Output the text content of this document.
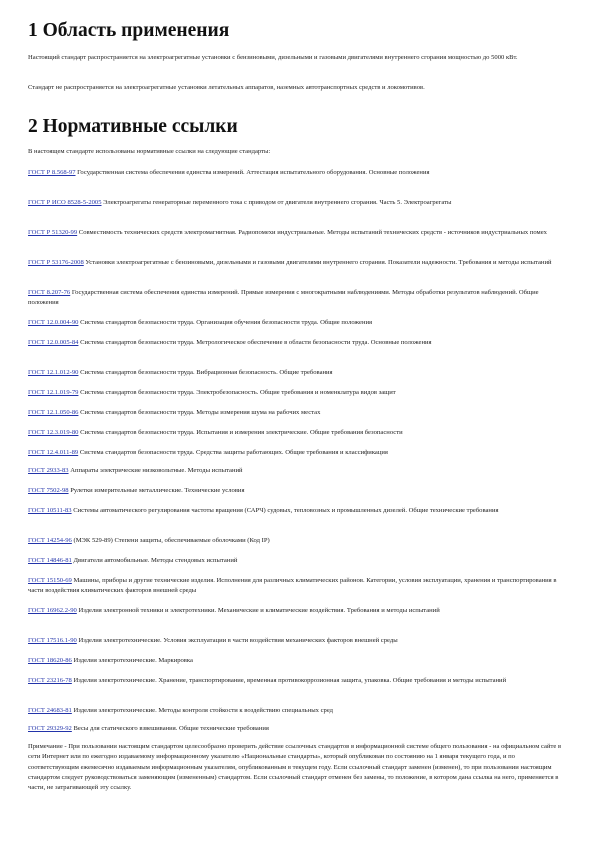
1 Область применения

Настоящий стандарт распространяется на электроагрегатные установки с бензиновыми, дизельными и газовыми двигателями внутреннего сгорания мощностью до 5000 кВт.

Стандарт не распространяется на электроагрегатные установки летательных аппаратов, наземных автотранспортных средств и локомотивов.

2 Нормативные ссылки

В настоящем стандарте использованы нормативные ссылки на следующие стандарты:

ГОСТ Р 8.568-97 Государственная система обеспечения единства измерений. Аттестация испытательного оборудования. Основные положения

ГОСТ Р ИСО 8528-5-2005 Электроагрегаты генераторные переменного тока с приводом от двигателя внутреннего сгорания. Часть 5. Электроагрегаты

ГОСТ Р 51320-99 Совместимость технических средств электромагнитная. Радиопомехи индустриальные. Методы испытаний технических средств - источников индустриальных помех

ГОСТ Р 53176-2008 Установки электроагрегатные с бензиновыми, дизельными и газовыми двигателями внутреннего сгорания. Показатели надежности. Требования и методы испытаний

ГОСТ 8.207-76 Государственная система обеспечения единства измерений. Прямые измерения с многократными наблюдениями. Методы обработки результатов наблюдений. Общие положения

ГОСТ 12.0.004-90 Система стандартов безопасности труда. Организация обучения безопасности труда. Общие положения

ГОСТ 12.0.005-84 Система стандартов безопасности труда. Метрологическое обеспечение в области безопасности труда. Основные положения

ГОСТ 12.1.012-90 Система стандартов безопасности труда. Вибрационная безопасность. Общие требования

ГОСТ 12.1.019-79 Система стандартов безопасности труда. Электробезопасность. Общие требования и номенклатура видов защит

ГОСТ 12.1.050-86 Система стандартов безопасности труда. Методы измерения шума на рабочих местах

ГОСТ 12.3.019-80 Система стандартов безопасности труда. Испытания и измерения электрические. Общие требования безопасности

ГОСТ 12.4.011-89 Система стандартов безопасности труда. Средства защиты работающих. Общие требования и классификация

ГОСТ 2933-83 Аппараты электрические низковольтные. Методы испытаний

ГОСТ 7502-98 Рулетки измерительные металлические. Технические условия

ГОСТ 10511-83 Системы автоматического регулирования частоты вращения (САРЧ) судовых, тепловозных и промышленных дизелей. Общие технические требования

ГОСТ 14254-96 (МЭК 529-89) Степени защиты, обеспечиваемые оболочками (Код IP)

ГОСТ 14846-81 Двигатели автомобильные. Методы стендовых испытаний

ГОСТ 15150-69 Машины, приборы и другие технические изделия. Исполнения для различных климатических районов. Категории, условия эксплуатации, хранения и транспортирования в части воздействия климатических факторов внешней среды

ГОСТ 16962.2-90 Изделия электронной техники и электротехники. Механические и климатические воздействия. Требования и методы испытаний

ГОСТ 17516.1-90 Изделия электротехнические. Условия эксплуатации в части воздействия механических факторов внешней среды

ГОСТ 18620-86 Изделия электротехнические. Маркировка

ГОСТ 23216-78 Изделия электротехнические. Хранение, транспортирование, временная противокоррозионная защита, упаковка. Общие требования и методы испытаний

ГОСТ 24683-81 Изделия электротехнические. Методы контроля стойкости к воздействию специальных сред

ГОСТ 29329-92 Весы для статического взвешивания. Общие технические требования

Примечание - При пользовании настоящим стандартом целесообразно проверить действие ссылочных стандартов в информационной системе общего пользования - на официальном сайте в сети Интернет или по ежегодно издаваемому информационному указателю «Национальные стандарты», который опубликован по состоянию на 1 января текущего года, и по соответствующим ежемесячно издаваемым информационным указателям, опубликованным в текущем году. Если ссылочный стандарт заменен (изменен), то при пользовании настоящим стандартом следует руководствоваться заменяющим (измененным) стандартом. Если ссылочный стандарт отменен без замены, то положение, в котором дана ссылка на него, применяется в части, не затрагивающей эту ссылку.
